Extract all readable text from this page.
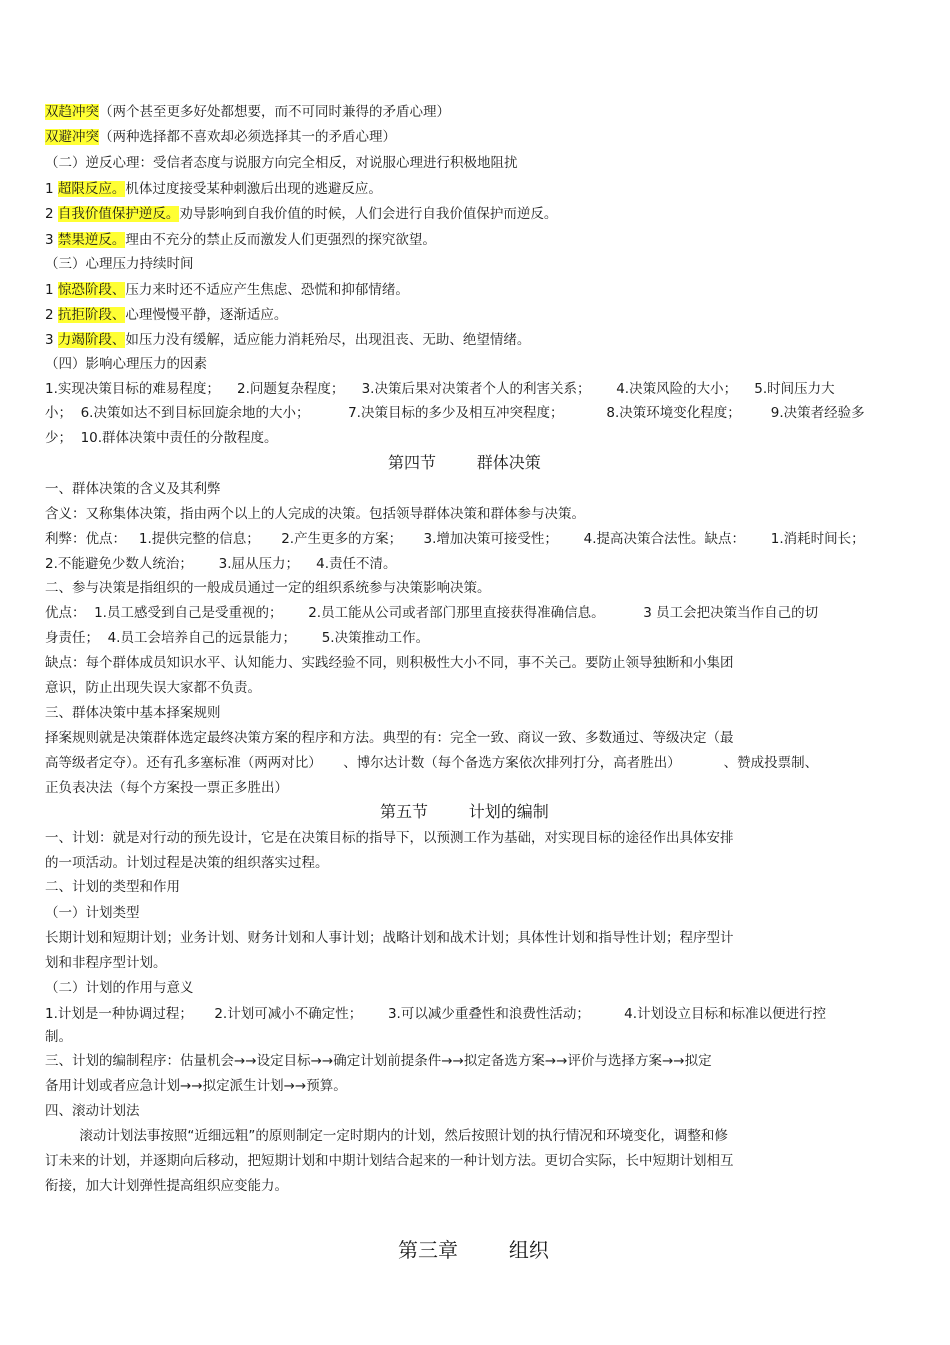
双趋冲突（两个甚至更多好处都想要，而不可同时兼得的矛盾心理）
双避冲突（两种选择都不喜欢却必须选择其一的矛盾心理）
（二）逆反心理：受信者态度与说服方向完全相反，对说服心理进行积极地阻扰
1 超限反应。机体过度接受某种刺激后出现的逃避反应。
2 自我价值保护逆反。劝导影响到自我价值的时候，人们会进行自我价值保护而逆反。
3 禁果逆反。理由不充分的禁止反而激发人们更强烈的探究欲望。
（三）心理压力持续时间
1 惊恐阶段、压力来时还不适应产生焦虑、恐慌和抑郁情绪。
2 抗拒阶段、心理慢慢平静，逐渐适应。
3 力竭阶段、如压力没有缓解，适应能力消耗殆尽，出现沮丧、无助、绝望情绪。
（四）影响心理压力的因素
1.实现决策目标的难易程度；    2.问题复杂程度；    3.决策后果对决策者个人的利害关系；      4.决策风险的大小；    5.时间压力大
小；  6.决策如达不到目标回旋余地的大小；         7.决策目标的多少及相互冲突程度；          8.决策环境变化程度；       9.决策者经验多
少；  10.群体决策中责任的分散程度。
第四节        群体决策
一、群体决策的含义及其利弊
含义：又称集体决策，指由两个以上的人完成的决策。包括领导群体决策和群体参与决策。
利弊：优点：   1.提供完整的信息；     2.产生更多的方案；     3.增加决策可接受性；      4.提高决策合法性。缺点：      1.消耗时间长；
2.不能避免少数人统治；      3.屈从压力；    4.责任不清。
二、参与决策是指组织的一般成员通过一定的组织系统参与决策影响决策。
优点：  1.员工感受到自己是受重视的；      2.员工能从公司或者部门那里直接获得准确信息。         3 员工会把决策当作自己的切
身责任；  4.员工会培养自己的远景能力；      5.决策推动工作。
缺点：每个群体成员知识水平、认知能力、实践经验不同，则积极性大小不同，事不关己。要防止领导独断和小集团
意识，防止出现失误大家都不负责。
三、群体决策中基本择案规则
择案规则就是决策群体选定最终决策方案的程序和方法。典型的有：完全一致、商议一致、多数通过、等级决定（最
高等级者定夺）。还有孔多塞标准（两两对比）     、博尔达计数（每个备选方案依次排列打分，高者胜出）          、赞成投票制、
正负表决法（每个方案投一票正多胜出）
第五节        计划的编制
一、计划：就是对行动的预先设计，它是在决策目标的指导下，以预测工作为基础，对实现目标的途径作出具体安排
的一项活动。计划过程是决策的组织落实过程。
二、计划的类型和作用
（一）计划类型
长期计划和短期计划；业务计划、财务计划和人事计划；战略计划和战术计划；具体性计划和指导性计划；程序型计
划和非程序型计划。
（二）计划的作用与意义
1.计划是一种协调过程；     2.计划可减小不确定性；      3.可以减少重叠性和浪费性活动；        4.计划设立目标和标准以便进行控
制。
三、计划的编制程序：估量机会→→设定目标→→确定计划前提条件→→拟定备选方案→→评价与选择方案→→拟定
备用计划或者应急计划→→拟定派生计划→→预算。
四、滚动计划法
滚动计划法事按照“近细远粗”的原则制定一定时期内的计划，然后按照计划的执行情况和环境变化，调整和修
订未来的计划，并逐期向后移动，把短期计划和中期计划结合起来的一种计划方法。更切合实际，长中短期计划相互
衔接，加大计划弹性提高组织应变能力。
第三章        组织
